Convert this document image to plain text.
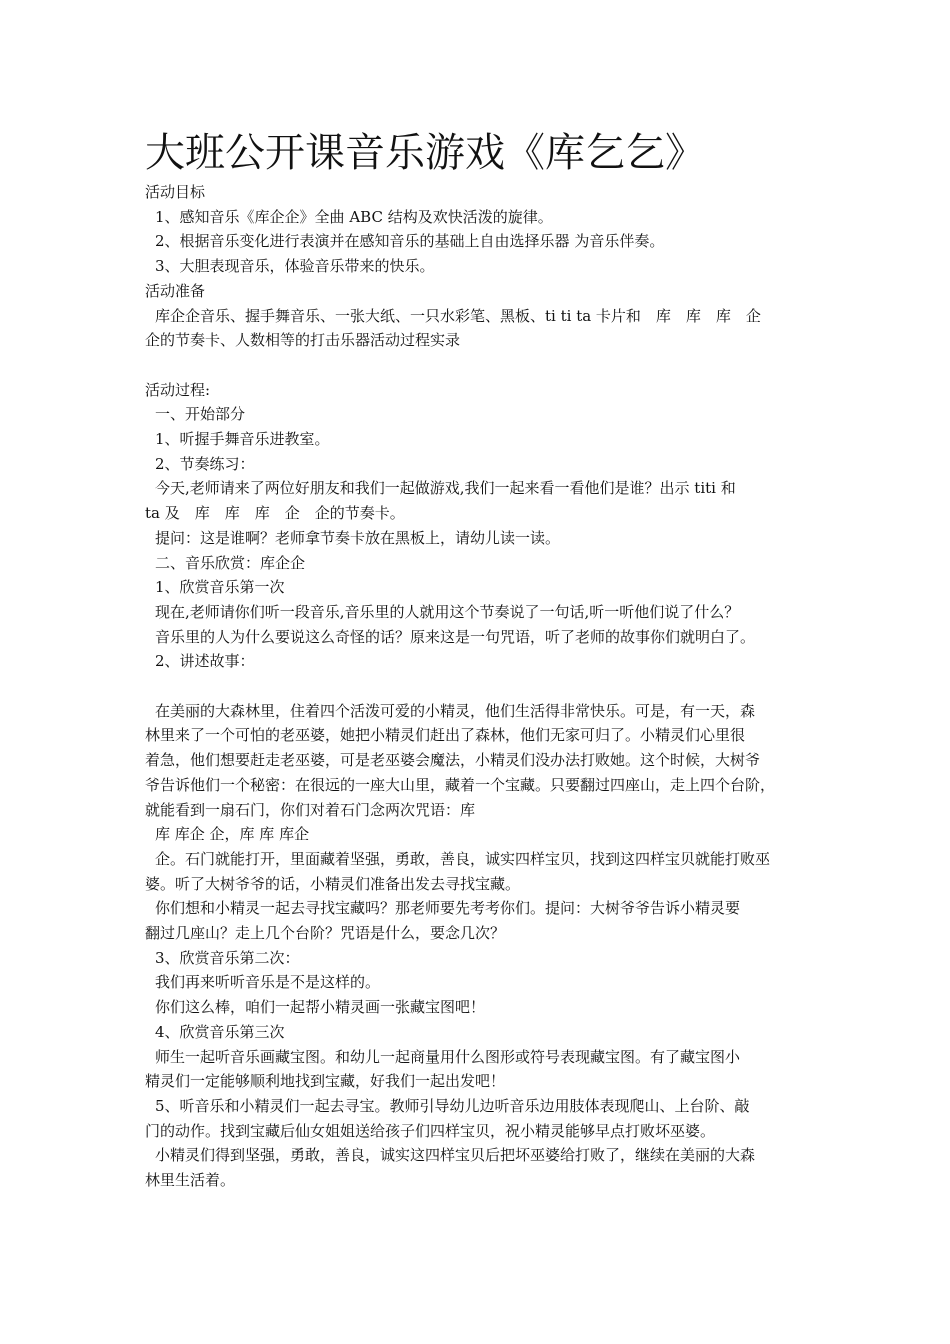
大班公开课音乐游戏《库乞乞》
活动目标
1、感知音乐《库企企》全曲 ABC 结构及欢快活泼的旋律。
2、根据音乐变化进行表演并在感知音乐的基础上自由选择乐器 为音乐伴奏。
3、大胆表现音乐，体验音乐带来的快乐。
活动准备
库企企音乐、握手舞音乐、一张大纸、一只水彩笔、黑板、ti ti ta 卡片和　库　库　库　企
企的节奏卡、人数相等的打击乐器活动过程实录
活动过程:
一、开始部分
1、听握手舞音乐进教室。
2、节奏练习：
今天,老师请来了两位好朋友和我们一起做游戏,我们一起来看一看他们是谁？出示 titi 和
ta 及　库　库　库　企　企的节奏卡。
提问：这是谁啊？老师拿节奏卡放在黑板上，请幼儿读一读。
二、音乐欣赏：库企企
1、欣赏音乐第一次
现在,老师请你们听一段音乐,音乐里的人就用这个节奏说了一句话,听一听他们说了什么？
音乐里的人为什么要说这么奇怪的话？原来这是一句咒语，听了老师的故事你们就明白了。
2、讲述故事：
在美丽的大森林里，住着四个活泼可爱的小精灵，他们生活得非常快乐。可是，有一天，森
林里来了一个可怕的老巫婆，她把小精灵们赶出了森林，他们无家可归了。小精灵们心里很
着急，他们想要赶走老巫婆，可是老巫婆会魔法，小精灵们没办法打败她。这个时候，大树爷
爷告诉他们一个秘密：在很远的一座大山里，藏着一个宝藏。只要翻过四座山，走上四个台阶，
就能看到一扇石门，你们对着石门念两次咒语：库
库 库企 企，库 库 库企
企。石门就能打开，里面藏着坚强，勇敢，善良，诚实四样宝贝，找到这四样宝贝就能打败巫
婆。听了大树爷爷的话，小精灵们准备出发去寻找宝藏。
你们想和小精灵一起去寻找宝藏吗？那老师要先考考你们。提问：大树爷爷告诉小精灵要
翻过几座山？走上几个台阶？咒语是什么，要念几次？
3、欣赏音乐第二次：
我们再来听听音乐是不是这样的。
你们这么棒，咱们一起帮小精灵画一张藏宝图吧！
4、欣赏音乐第三次
师生一起听音乐画藏宝图。和幼儿一起商量用什么图形或符号表现藏宝图。有了藏宝图小
精灵们一定能够顺利地找到宝藏，好我们一起出发吧！
5、听音乐和小精灵们一起去寻宝。教师引导幼儿边听音乐边用肢体表现爬山、上台阶、敲
门的动作。找到宝藏后仙女姐姐送给孩子们四样宝贝，祝小精灵能够早点打败坏巫婆。
小精灵们得到坚强，勇敢，善良，诚实这四样宝贝后把坏巫婆给打败了，继续在美丽的大森
林里生活着。
